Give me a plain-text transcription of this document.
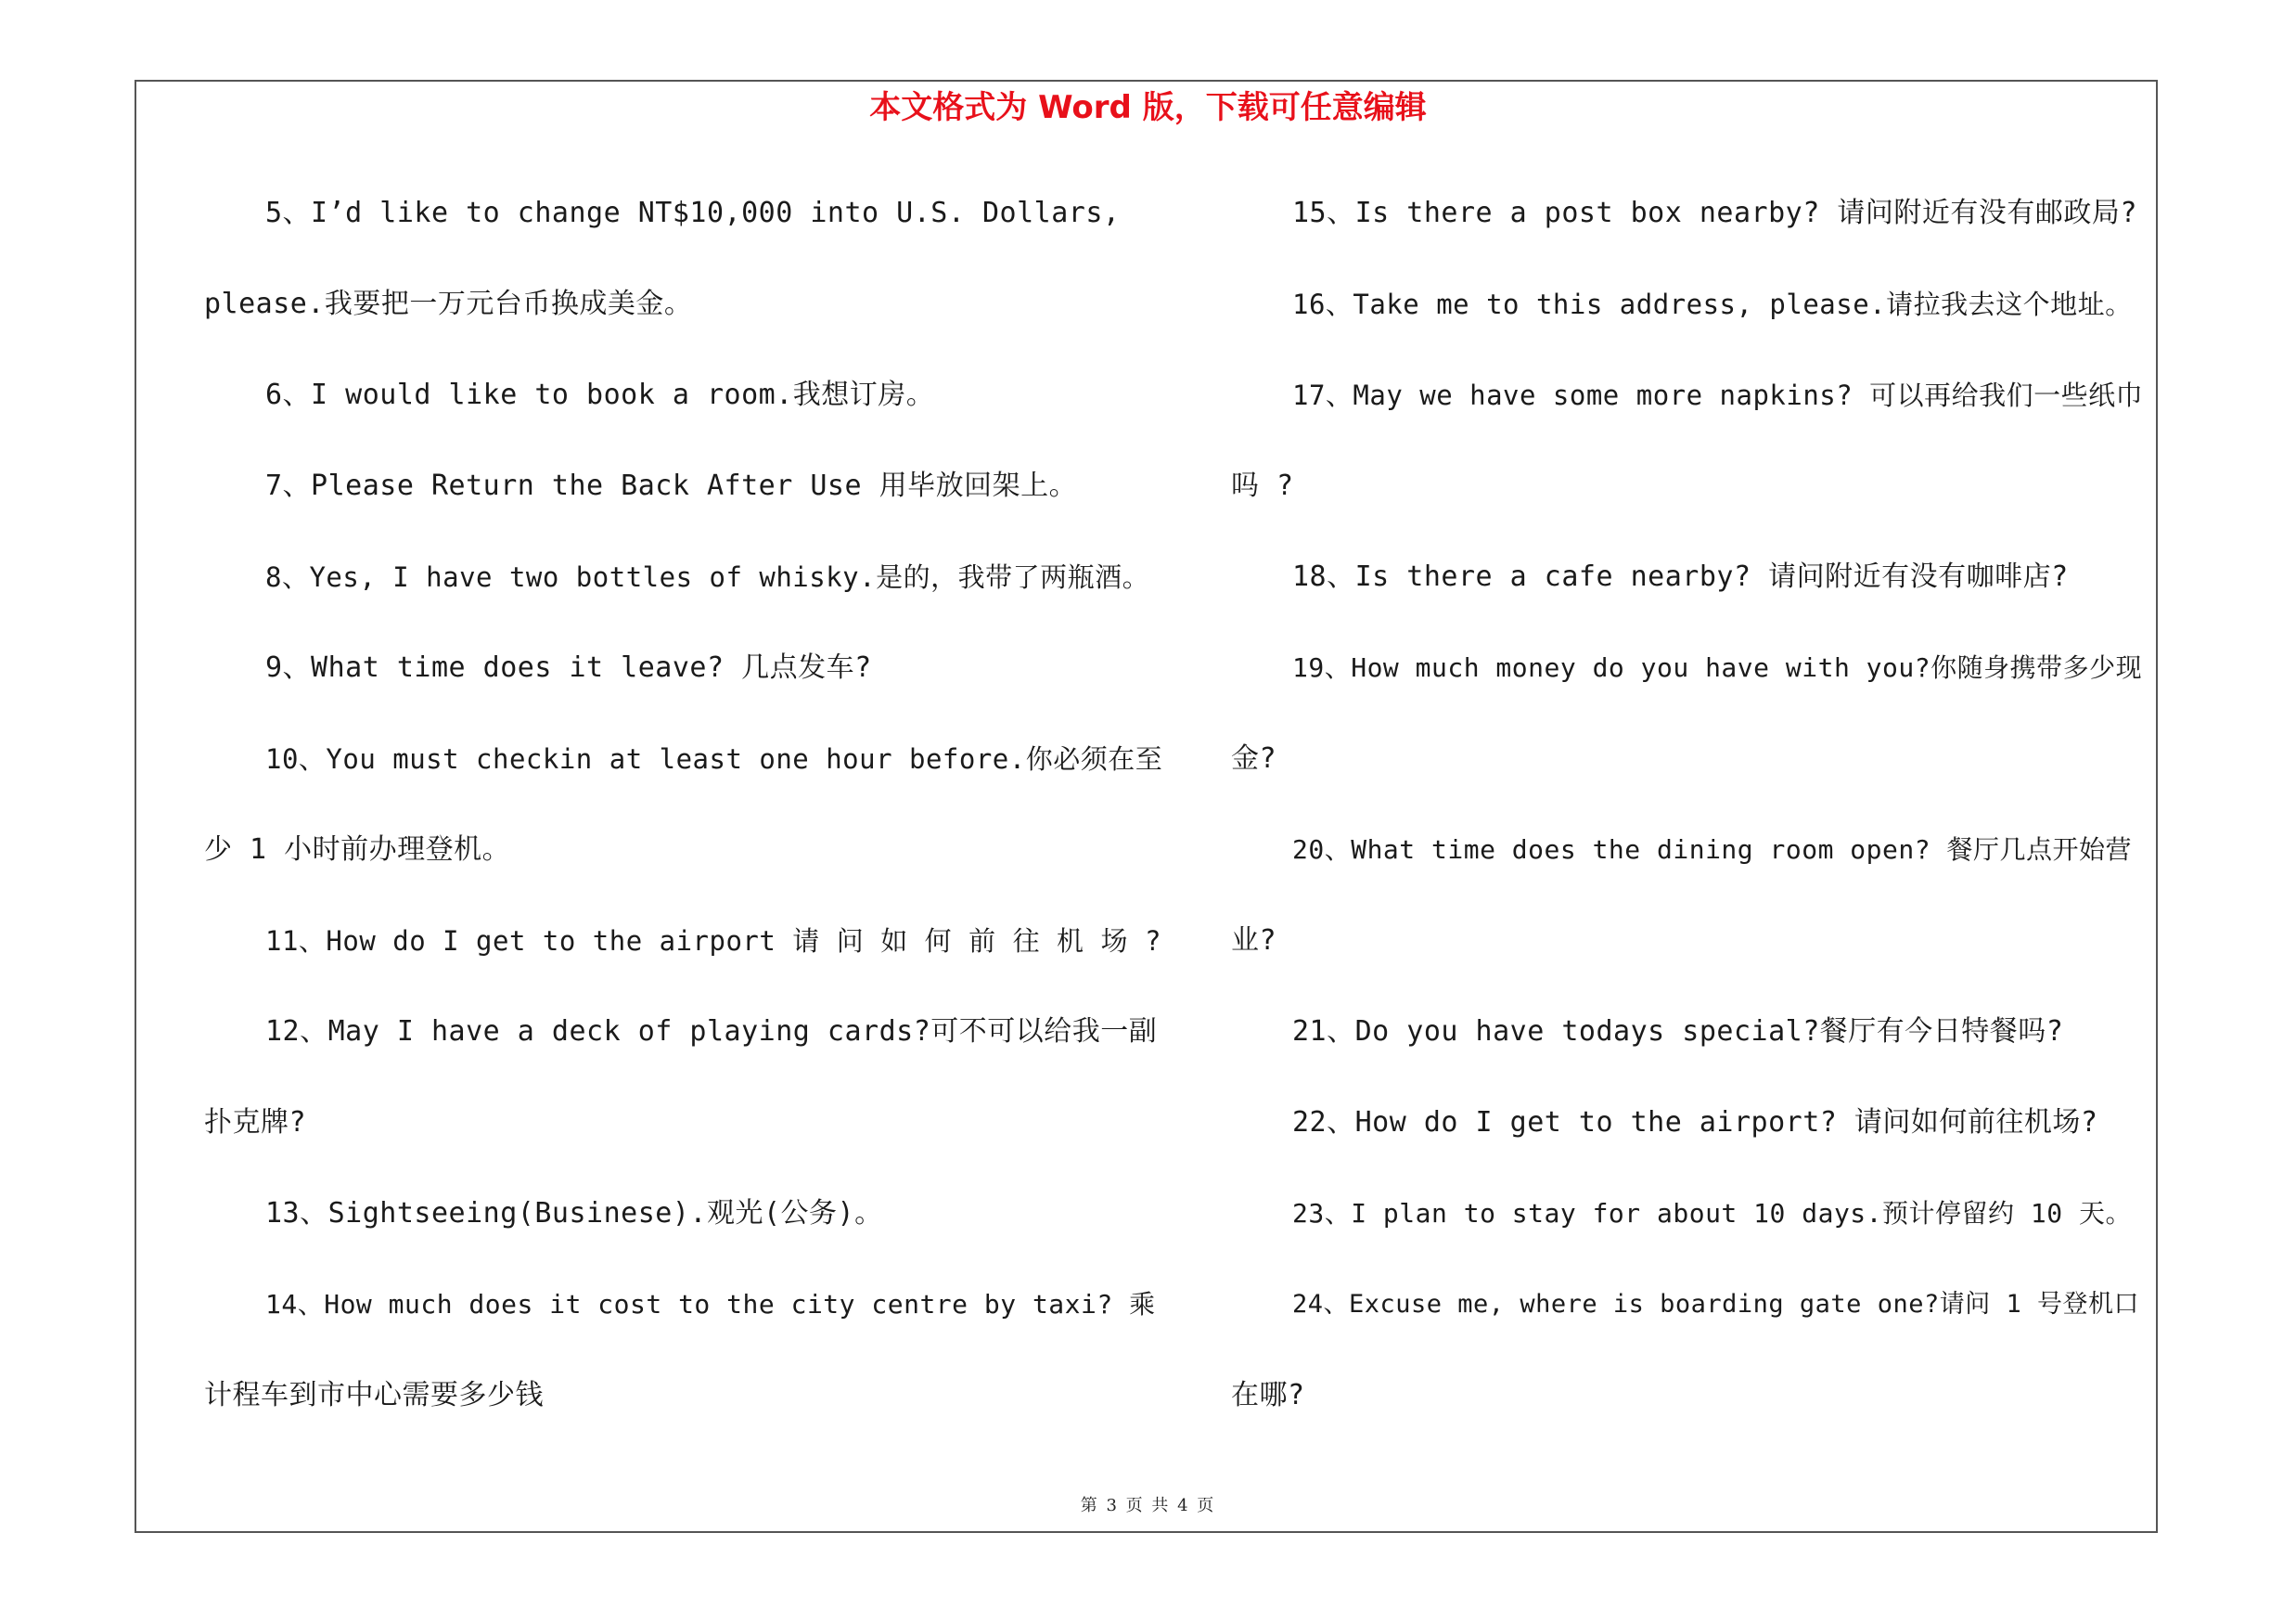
本文格式为 Word 版，下载可任意编辑
5、I’d like to change NT$10,000 into U.S. Dollars,
please.我要把一万元台币换成美金。
6、I would like to book a room.我想订房。
7、Please Return the Back After Use 用毕放回架上。
8、Yes, I have two bottles of whisky.是的，我带了两瓶酒。
9、What time does it leave? 几点发车?
10、You must checkin at least one hour before.你必须在至
少 1 小时前办理登机。
11、How do I get to the airport 请 问 如 何 前 往 机 场 ?
12、May I have a deck of playing cards?可不可以给我一副
扑克牌?
13、Sightseeing(Businese).观光(公务)。
14、How much does it cost to the city centre by taxi? 乘
计程车到市中心需要多少钱
15、Is there a post box nearby? 请问附近有没有邮政局?
16、Take me to this address, please.请拉我去这个地址。
17、May we have some more napkins? 可以再给我们一些纸巾
吗 ?
18、Is there a cafe nearby? 请问附近有没有咖啡店?
19、How much money do you have with you?你随身携带多少现
金?
20、What time does the dining room open? 餐厅几点开始营
业?
21、Do you have todays special?餐厅有今日特餐吗?
22、How do I get to the airport? 请问如何前往机场?
23、I plan to stay for about 10 days.预计停留约 10 天。
24、Excuse me, where is boarding gate one?请问 1 号登机口
在哪?
第 3 页 共 4 页
